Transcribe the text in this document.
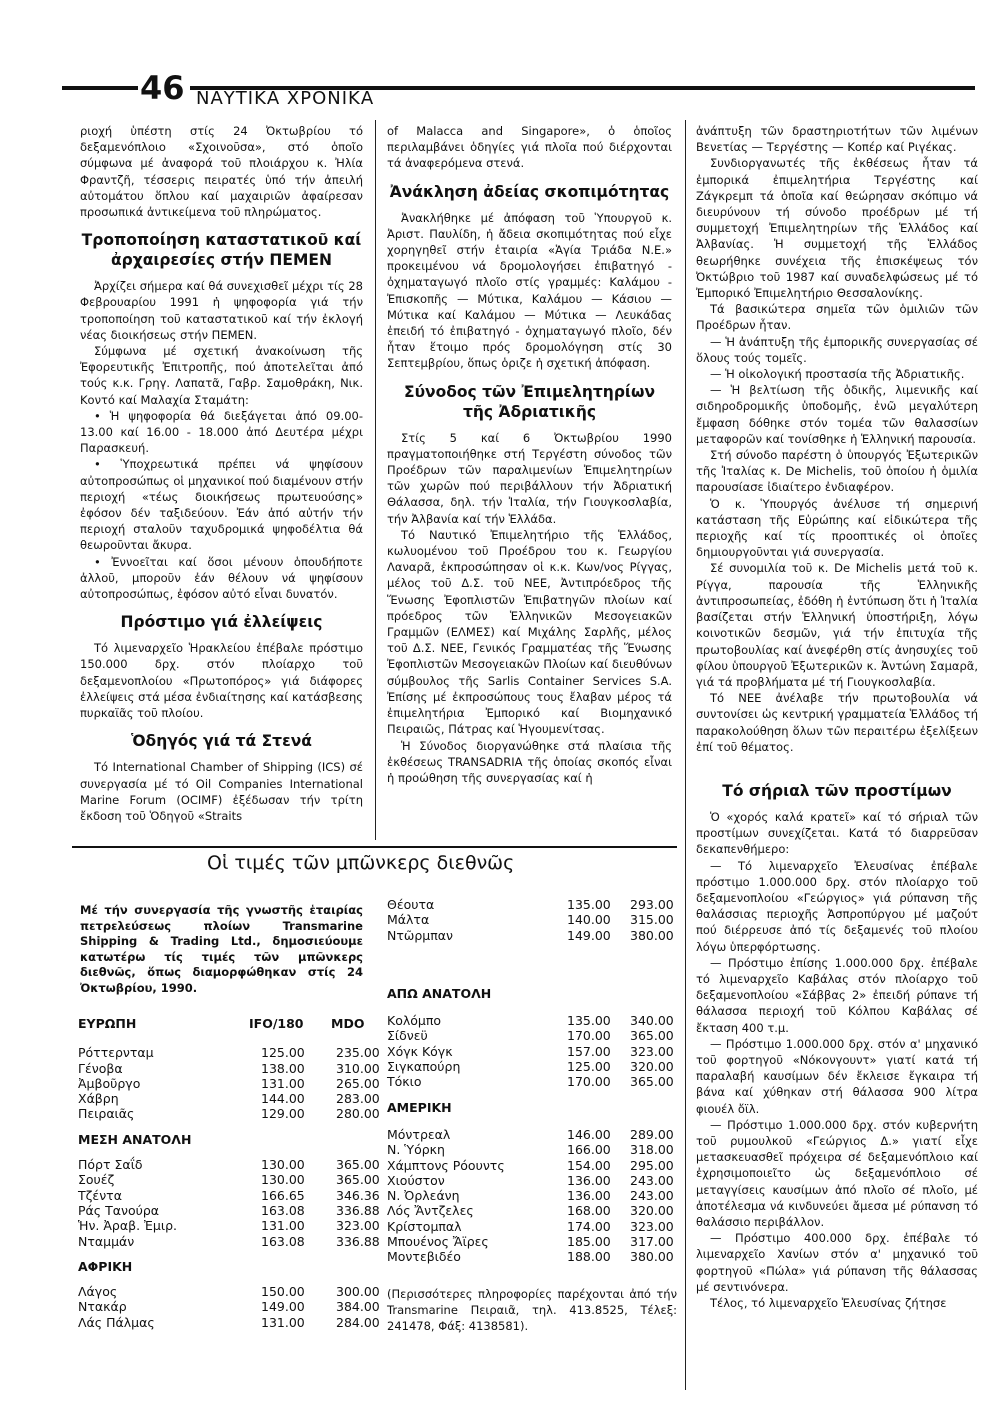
46 ΝΑΥΤΙΚΑ ΧΡΟΝΙΚΑ

ριοχή ὑπέστη στίς 24 Ὀκτωβρίου τό δεξαμενόπλοιο «Σχοινοῦσα», στό ὁποῖο σύμφωνα μέ ἀναφορά τοῦ πλοιάρχου κ. Ἠλία Φραντζῆ, τέσσερις πειρατές ὑπό τήν ἀπειλή αὐτομάτου ὅπλου καί μαχαιριῶν ἀφαίρεσαν προσωπικά ἀντικείμενα τοῦ πληρώματος.

Τροποποίηση καταστατικοῦ καί ἀρχαιρεσίες στήν ΠΕΜΕΝ

Ἀρχίζει σήμερα καί θά συνεχισθεῖ μέχρι τίς 28 Φεβρουαρίου 1991 ἡ ψηφοφορία γιά τήν τροποποίηση τοῦ καταστατικοῦ καί τήν ἐκλογή νέας διοικήσεως στήν ΠΕΜΕΝ.

Σύμφωνα μέ σχετική ἀνακοίνωση τῆς Ἐφορευτικῆς Ἐπιτροπῆς, πού ἀποτελεῖται ἀπό τούς κ.κ. Γρηγ. Λαπατᾶ, Γαβρ. Σαμοθράκη, Νικ. Κοντό καί Μαλαχία Σταμάτη:

• Ἡ ψηφοφορία θά διεξάγεται ἀπό 09.00-13.00 καί 16.00 - 18.000 ἀπό Δευτέρα μέχρι Παρασκευή.

• Ὑποχρεωτικά πρέπει νά ψηφίσουν αὐτοπροσώπως οἱ μηχανικοί πού διαμένουν στήν περιοχή «τέως διοικήσεως πρωτευούσης» ἐφόσον δέν ταξιδεύουν. Ἐάν ἀπό αὐτήν τήν περιοχή σταλοῦν ταχυδρομικά ψηφοδέλτια θά θεωροῦνται ἄκυρα.

• Ἐννοεῖται καί ὅσοι μένουν ὁπουδήποτε ἀλλοῦ, μποροῦν ἐάν θέλουν νά ψηφίσουν αὐτοπροσώπως, ἐφόσον αὐτό εἶναι δυνατόν.

Πρόστιμο γιά ἐλλείψεις

Τό λιμεναρχεῖο Ἡρακλείου ἐπέβαλε πρόστιμο 150.000 δρχ. στόν πλοίαρχο τοῦ δεξαμενοπλοίου «Πρωτοπόρος» γιά διάφορες ἐλλείψεις στά μέσα ἐνδιαίτησης καί κατάσβεσης πυρκαϊᾶς τοῦ πλοίου.

Ὁδηγός γιά τά Στενά

Τό International Chamber of Shipping (ICS) σέ συνεργασία μέ τό Oil Companies International Marine Forum (OCIMF) ἐξέδωσαν τήν τρίτη ἔκδοση τοῦ Ὁδηγοῦ «Straits

of Malacca and Singapore», ὁ ὁποῖος περιλαμβάνει ὁδηγίες γιά πλοῖα πού διέρχονται τά ἀναφερόμενα στενά.

Ἀνάκληση ἀδείας σκοπιμότητας

Ἀνακλήθηκε μέ ἀπόφαση τοῦ Ὑπουργοῦ κ. Ἀριστ. Παυλίδη, ἡ ἄδεια σκοπιμότητας πού εἶχε χορηγηθεῖ στήν ἑταιρία «Ἁγία Τριάδα Ν.Ε.» προκειμένου νά δρομολογήσει ἐπιβατηγό - ὀχηματαγωγό πλοῖο στίς γραμμές: Καλάμου - Ἐπισκοπῆς — Μύτικα, Καλάμου — Κάσιου — Μύτικα καί Καλάμου — Μύτικα — Λευκάδας ἐπειδή τό ἐπιβατηγό - ὀχηματαγωγό πλοῖο, δέν ἦταν ἕτοιμο πρός δρομολόγηση στίς 30 Σεπτεμβρίου, ὅπως ὁριζε ἡ σχετική ἀπόφαση.

Σύνοδος τῶν Ἐπιμελητηρίων τῆς Ἀδριατικῆς

Στίς 5 καί 6 Ὀκτωβρίου 1990 πραγματοποιήθηκε στή Τεργέστη σύνοδος τῶν Προέδρων τῶν παραλιμενίων Ἐπιμελητηρίων τῶν χωρῶν πού περιβάλλουν τήν Ἀδριατική Θάλασσα, δηλ. τήν Ἰταλία, τήν Γιουγκοσλαβία, τήν Ἀλβανία καί τήν Ἑλλάδα.

Τό Ναυτικό Ἐπιμελητήριο τῆς Ἑλλάδος, κωλυομένου τοῦ Προέδρου του κ. Γεωργίου Λαναρᾶ, ἐκπροσώπησαν οἱ κ.κ. Κων/νος Ρίγγας, μέλος τοῦ Δ.Σ. τοῦ ΝΕΕ, Ἀντιπρόεδρος τῆς Ἕνωσης Ἐφοπλιστῶν Ἐπιβατηγῶν πλοίων καί πρόεδρος τῶν Ἑλληνικῶν Μεσογειακῶν Γραμμῶν (ΕΛΜΕΣ) καί Μιχάλης Σαρλῆς, μέλος τοῦ Δ.Σ. ΝΕΕ, Γενικός Γραμματέας τῆς Ἕνωσης Ἐφοπλιστῶν Μεσογειακῶν Πλοίων καί διευθύνων σύμβουλος τῆς Sarlis Container Services S.A. Ἐπίσης μέ ἐκπροσώπους τους ἔλαβαν μέρος τά ἐπιμελητήρια Ἐμπορικό καί Βιομηχανικό Πειραιῶς, Πάτρας καί Ἡγουμενίτσας.

Ἡ Σύνοδος διοργανώθηκε στά πλαίσια τῆς ἐκθέσεως TRANSADRIA τῆς ὁποίας σκοπός εἶναι ἡ προώθηση τῆς συνεργασίας καί ἡ

ἀνάπτυξη τῶν δραστηριοτήτων τῶν λιμένων Βενετίας — Τεργέστης — Κοπέρ καί Ριγέκας.

Συνδιοργανωτές τῆς ἐκθέσεως ἦταν τά ἐμπορικά ἐπιμελητήρια Τεργέστης καί Ζάγκρεμπ τά ὁποῖα καί θεώρησαν σκόπιμο νά διευρύνουν τή σύνοδο προέδρων μέ τή συμμετοχή Ἐπιμελητηρίων τῆς Ἑλλάδος καί Ἀλβανίας. Ἡ συμμετοχή τῆς Ἑλλάδος θεωρήθηκε συνέχεια τῆς ἐπισκέψεως τόν Ὀκτώβριο τοῦ 1987 καί συναδελφώσεως μέ τό Ἐμπορικό Ἐπιμελητήριο Θεσσαλονίκης.

Τά βασικώτερα σημεῖα τῶν ὁμιλιῶν τῶν Προέδρων ἦταν.

— Ἡ ἀνάπτυξη τῆς ἐμπορικῆς συνεργασίας σέ ὅλους τούς τομεῖς.

— Ἡ οἰκολογική προστασία τῆς Ἀδριατικῆς.

— Ἡ βελτίωση τῆς ὁδικῆς, λιμενικῆς καί σιδηροδρομικῆς ὑποδομῆς, ἐνῶ μεγαλύτερη ἔμφαση δόθηκε στόν τομέα τῶν θαλασσίων μεταφορῶν καί τονίσθηκε ἡ Ἑλληνική παρουσία.

Στή σύνοδο παρέστη ὁ ὑπουργός Ἐξωτερικῶν τῆς Ἰταλίας κ. De Michelis, τοῦ ὁποίου ἡ ὁμιλία παρουσίασε ἰδιαίτερο ἐνδιαφέρον.

Ὁ κ. Ὑπουργός ἀνέλυσε τή σημερινή κατάσταση τῆς Εὐρώπης καί εἰδικώτερα τῆς περιοχῆς καί τίς προοπτικές οἱ ὁποῖες δημιουργοῦνται γιά συνεργασία.

Σέ συνομιλία τοῦ κ. De Michelis μετά τοῦ κ. Ρίγγα, παρουσία τῆς Ἑλληνικῆς ἀντιπροσωπείας, ἐδόθη ἡ ἐντύπωση ὅτι ἡ Ἰταλία βασίζεται στήν Ἑλληνική ὑποστήριξη, λόγω κοινοτικῶν δεσμῶν, γιά τήν ἐπιτυχία τῆς πρωτοβουλίας καί ἀνεφέρθη στίς ἀνησυχίες τοῦ φίλου ὑπουργοῦ Ἐξωτερικῶν κ. Ἀντώνη Σαμαρᾶ, γιά τά προβλήματα μέ τή Γιουγκοσλαβία.

Τό ΝΕΕ ἀνέλαβε τήν πρωτοβουλία νά συντονίσει ὡς κεντρική γραμματεία Ἑλλάδος τή παρακολούθηση ὅλων τῶν περαιτέρω ἐξελίξεων ἐπί τοῦ θέματος.

Τό σήριαλ τῶν προστίμων

Ὁ «χορός καλά κρατεῖ» καί τό σήριαλ τῶν προστίμων συνεχίζεται. Κατά τό διαρρεῦσαν δεκαπενθήμερο:

— Τό λιμεναρχεῖο Ἐλευσίνας ἐπέβαλε πρόστιμο 1.000.000 δρχ. στόν πλοίαρχο τοῦ δεξαμενοπλοίου «Γεώργιος» γιά ρύπανση τῆς θαλάσσιας περιοχῆς Ἀσπροπύργου μέ μαζούτ πού διέρρευσε ἀπό τίς δεξαμενές τοῦ πλοίου λόγω ὑπερφόρτωσης.

— Πρόστιμο ἐπίσης 1.000.000 δρχ. ἐπέβαλε τό λιμεναρχεῖο Καβάλας στόν πλοίαρχο τοῦ δεξαμενοπλοίου «Σάββας 2» ἐπειδή ρύπανε τή θάλασσα περιοχή τοῦ Κόλπου Καβάλας σέ ἔκταση 400 τ.μ.

— Πρόστιμο 1.000.000 δρχ. στόν α' μηχανικό τοῦ φορτηγοῦ «Νόκονγουντ» γιατί κατά τή παραλαβή καυσίμων δέν ἔκλεισε ἔγκαιρα τή βάνα καί χύθηκαν στή θάλασσα 900 λίτρα φιουέλ ὄϊλ.

— Πρόστιμο 1.000.000 δρχ. στόν κυβερνήτη τοῦ ρυμουλκοῦ «Γεώργιος Δ.» γιατί εἶχε μετασκευασθεῖ πρόχειρα σέ δεξαμενόπλοιο καί ἐχρησιμοποιεῖτο ὡς δεξαμενόπλοιο σέ μεταγγίσεις καυσίμων ἀπό πλοῖο σέ πλοῖο, μέ ἀποτέλεσμα νά κινδυνεύει ἄμεσα μέ ρύπανση τό θαλάσσιο περιβάλλον.

— Πρόστιμο 400.000 δρχ. ἐπέβαλε τό λιμεναρχεῖο Χανίων στόν α' μηχανικό τοῦ φορτηγοῦ «Πώλα» γιά ρύπανση τῆς θάλασσας μέ σεντινόνερα.

Τέλος, τό λιμεναρχεῖο Ἐλευσίνας ζήτησε

Οἱ τιμές τῶν μπῶνκερς διεθνῶς
Μέ τήν συνεργασία τῆς γνωστῆς ἑταιρίας πετρελεύσεως πλοίων Transmarine Shipping & Trading Ltd., δημοσιεύουμε κατωτέρω τίς τιμές τῶν μπῶνκερς διεθνῶς, ὅπως διαμορφώθηκαν στίς 24 Ὀκτωβρίου, 1990.
ΕΥΡΩΠΗ	IFO/180 MDO
Ρόττερνταμ	125.00	235.00
Γένοβα	138.00	310.00
Ἀμβοῦργο	131.00	265.00
Χάβρη	144.00	283.00
Πειραιᾶς	129.00	280.00
ΜΕΣΗ ΑΝΑΤΟΛΗ
Πόρτ Σαΐδ	130.00	365.00
Σουέζ	130.00	365.00
Τζέντα	166.65	346.36
Ράς Τανούρα	163.08	336.88
Ἡν. Ἀραβ. Ἐμιρ.	131.00	323.00
Νταμμάν	163.08	336.88
ΑΦΡΙΚΗ
Λάγος	150.00	300.00
Ντακάρ	149.00	384.00
Λάς Πάλμας	131.00	284.00
Θέουτα	135.00 293.00
Μάλτα	140.00 315.00
Ντῶρμπαν	149.00 380.00
ΑΠΩ ΑΝΑΤΟΛΗ
Κολόμπο	135.00 340.00
Σίδνεϋ	170.00 365.00
Χόγκ Κόγκ	157.00 323.00
Σιγκαπούρη	125.00 320.00
Τόκιο	170.00 365.00
ΑΜΕΡΙΚΗ
Μόντρεαλ	146.00 289.00
Ν. Ὑόρκη	166.00 318.00
Χάμπτονς Ρόουντς	154.00 295.00
Χιούστον	136.00 243.00
Ν. Ὀρλεάνη	136.00 243.00
Λός Ἄντζελες	168.00 320.00
Κρίστομπαλ	174.00 323.00
Μπουένος Ἄϊρες	185.00 317.00
Μοντεβιδέο	188.00 380.00
(Περισσότερες πληροφορίες παρέχονται ἀπό τήν Transmarine Πειραιᾶ, τηλ. 413.8525, Τέλεξ: 241478, Φάξ: 4138581).
